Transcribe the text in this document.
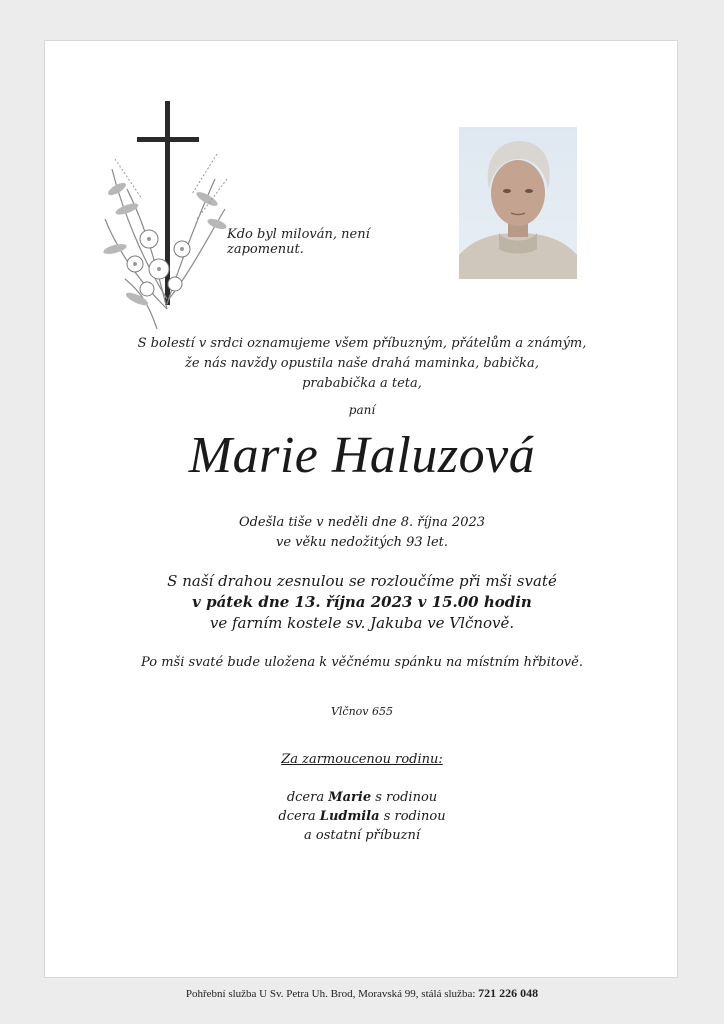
Kdo byl milován, není zapomenut.
S bolestí v srdci oznamujeme všem příbuzným, přátelům a známým,
že nás navždy opustila naše drahá maminka, babička,
prababička a teta,
paní
Marie Haluzová
Odešla tiše v neděli dne 8. října 2023
ve věku nedožitých 93 let.
S naší drahou zesnulou se rozloučíme při mši svaté
v pátek dne 13. října 2023 v 15.00 hodin
ve farním kostele sv. Jakuba ve Vlčnově.
Po mši svaté bude uložena k věčnému spánku na místním hřbitově.
Vlčnov 655
Za zarmoucenou rodinu:
dcera Marie s rodinou
dcera Ludmila s rodinou
a ostatní příbuzní
Pohřební služba U Sv. Petra Uh. Brod, Moravská 99, stálá služba: 721 226 048
